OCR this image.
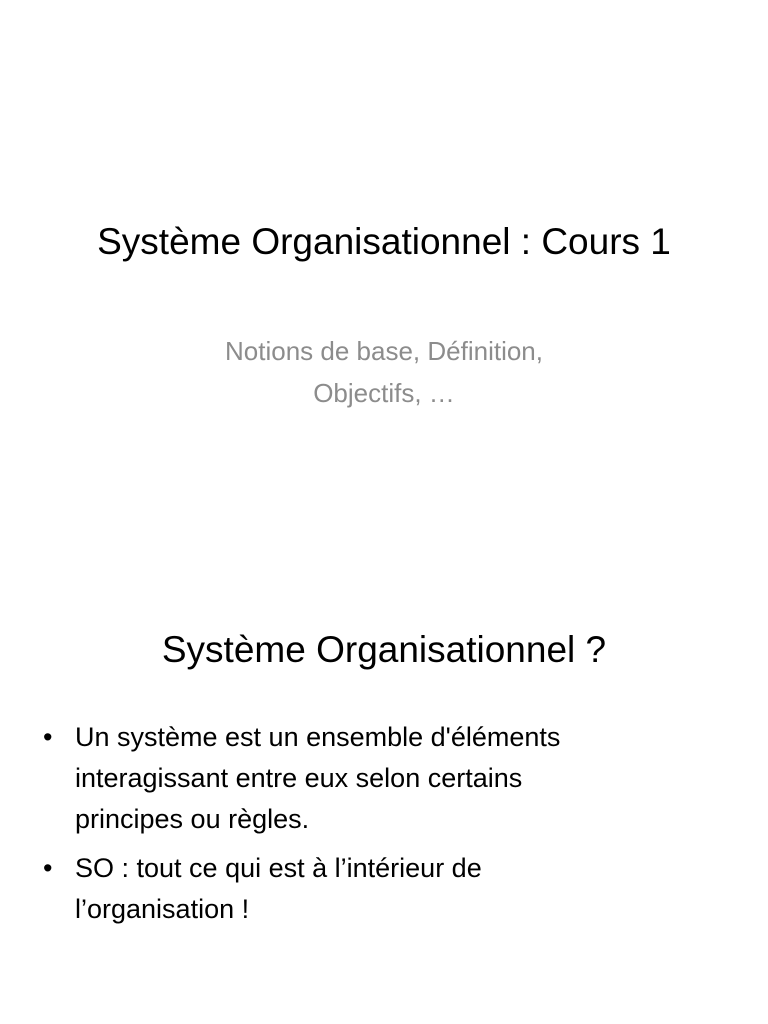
Système Organisationnel : Cours 1
Notions de base, Définition,
Objectifs, …
Système Organisationnel ?
• Un système est un ensemble d'éléments
interagissant entre eux selon certains
principes ou règles.
• SO : tout ce qui est à l’intérieur de
l’organisation !
